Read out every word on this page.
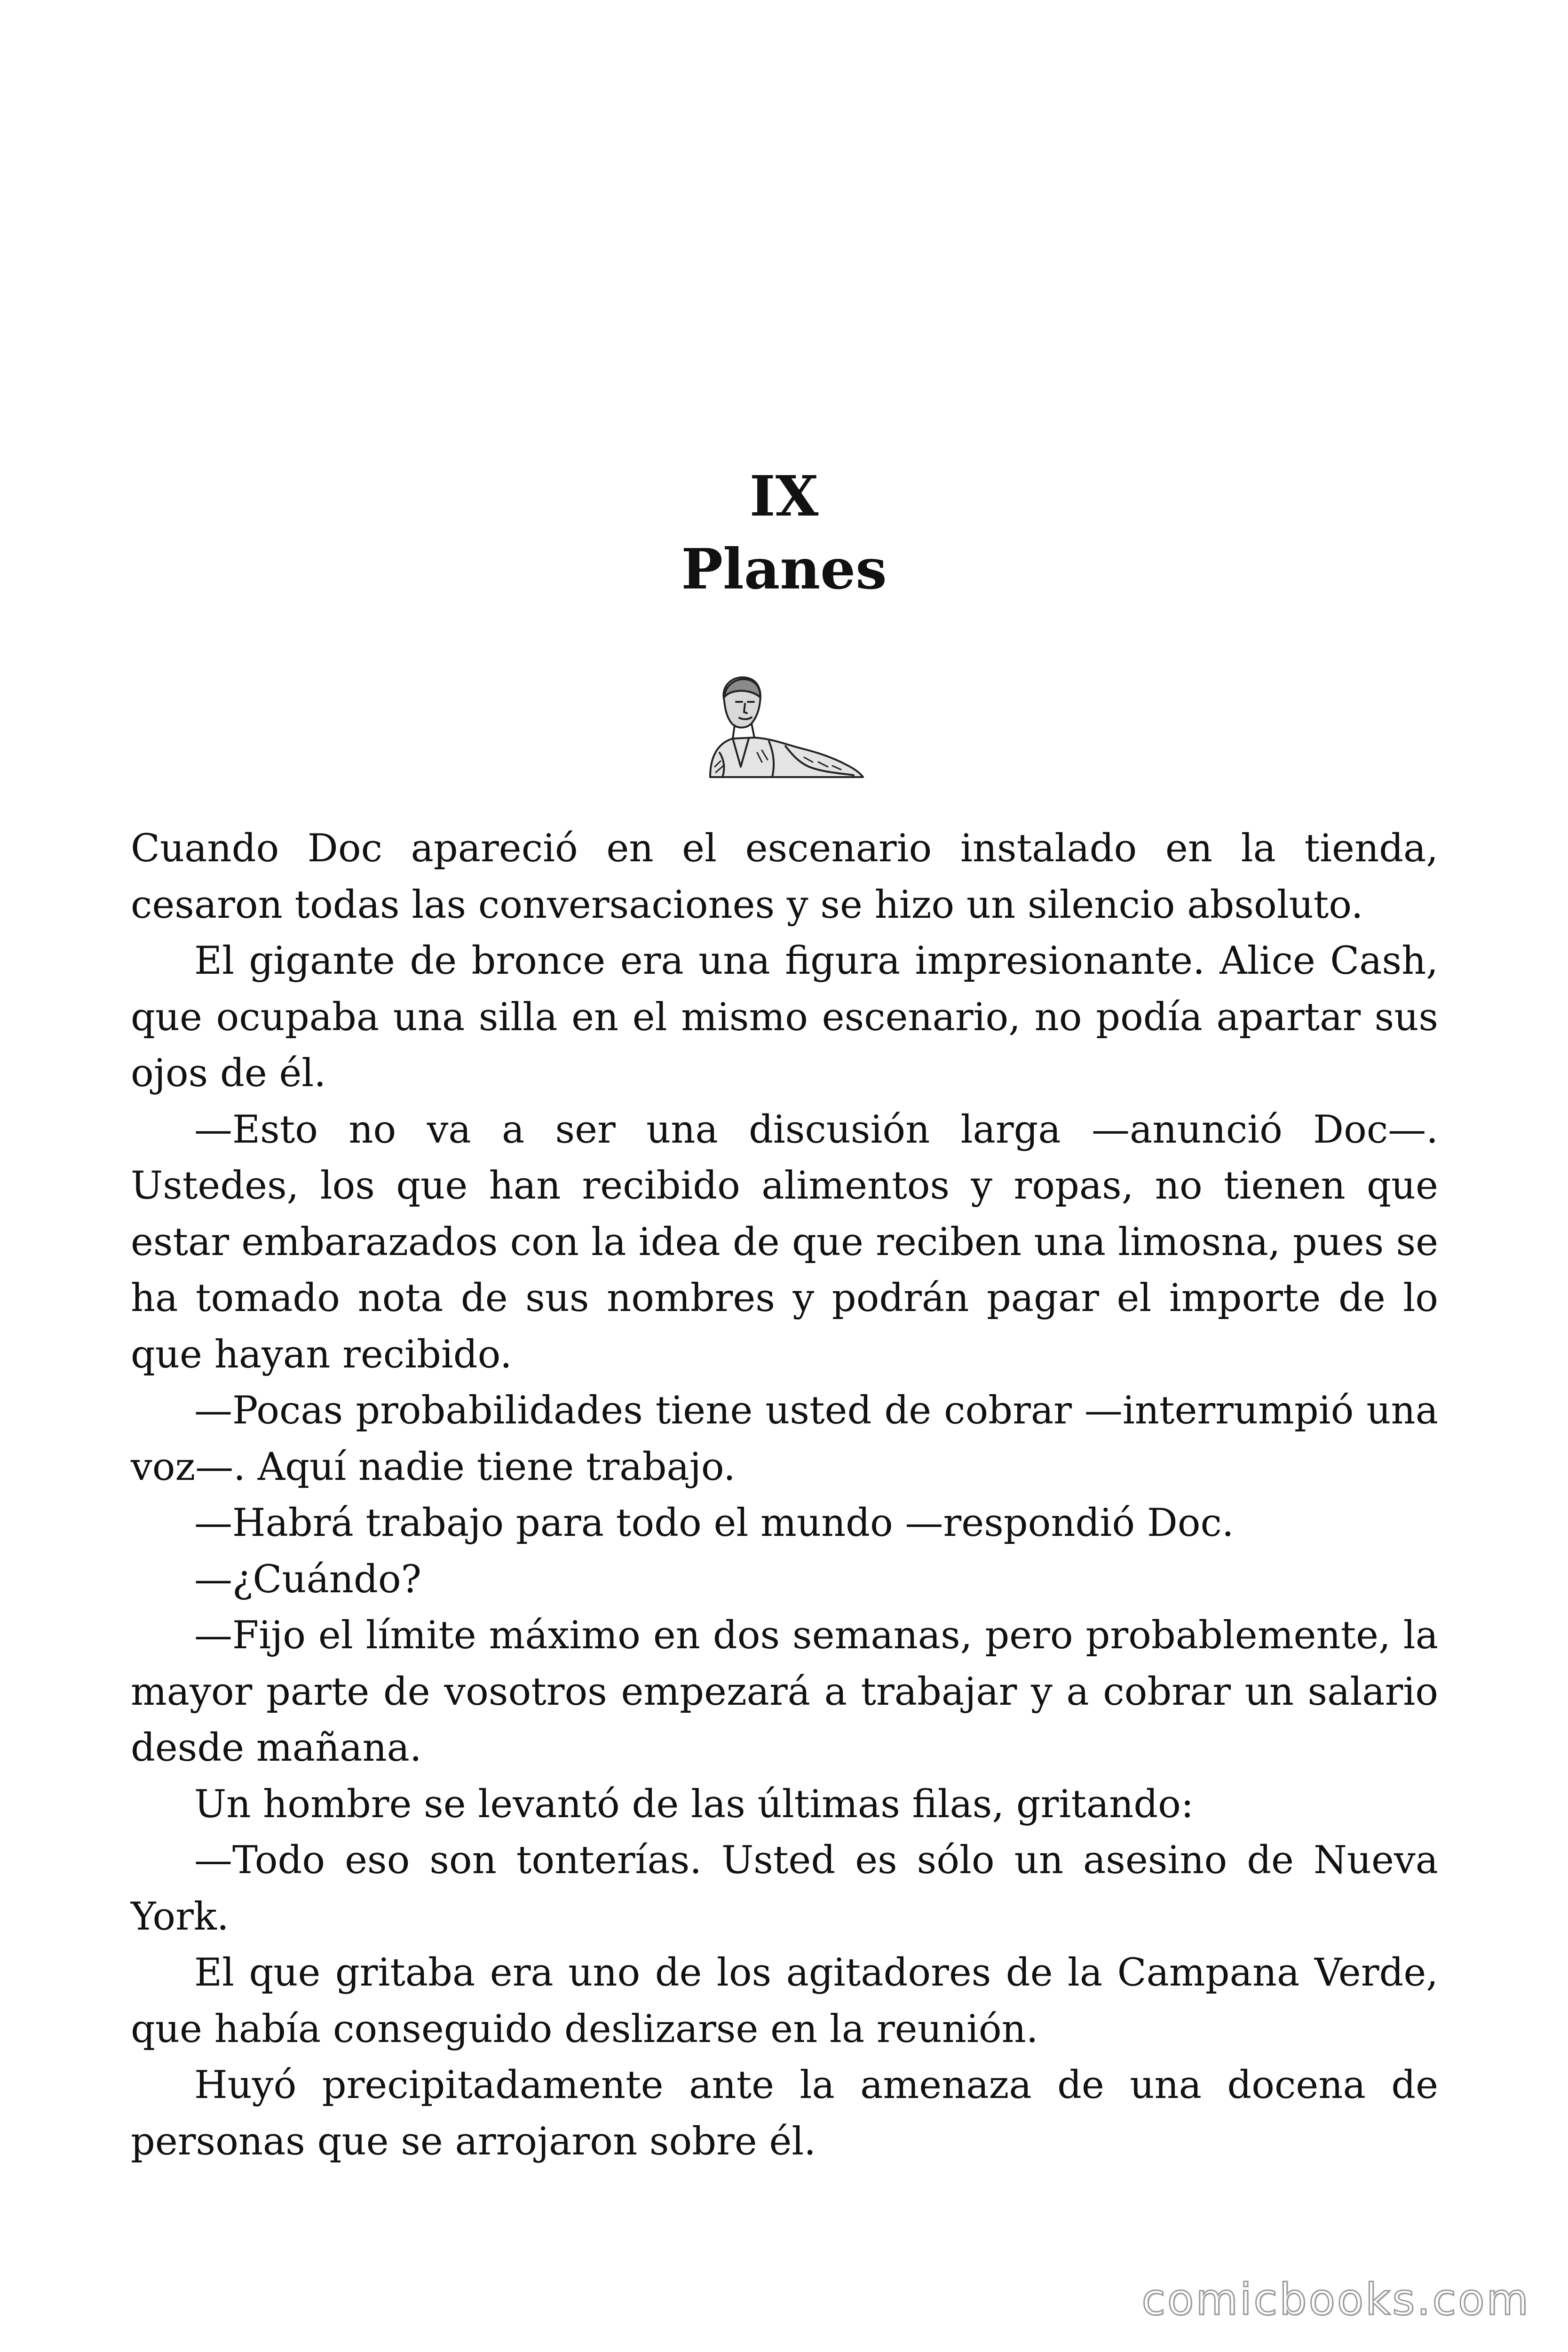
IX
Planes

Cuando Doc apareció en el escenario instalado en la tienda, cesaron todas las conversaciones y se hizo un silencio absoluto.

El gigante de bronce era una figura impresionante. Alice Cash, que ocupaba una silla en el mismo escenario, no podía apartar sus ojos de él.

—Esto no va a ser una discusión larga —anunció Doc—. Ustedes, los que han recibido alimentos y ropas, no tienen que estar embarazados con la idea de que reciben una limosna, pues se ha tomado nota de sus nombres y podrán pagar el importe de lo que hayan recibido.

—Pocas probabilidades tiene usted de cobrar —interrumpió una voz—. Aquí nadie tiene trabajo.

—Habrá trabajo para todo el mundo —respondió Doc.

—¿Cuándo?

—Fijo el límite máximo en dos semanas, pero probablemente, la mayor parte de vosotros empezará a trabajar y a cobrar un salario desde mañana.

Un hombre se levantó de las últimas filas, gritando:

—Todo eso son tonterías. Usted es sólo un asesino de Nueva York.

El que gritaba era uno de los agitadores de la Campana Verde, que había conseguido deslizarse en la reunión.

Huyó precipitadamente ante la amenaza de una docena de personas que se arrojaron sobre él.

comicbooks.com
